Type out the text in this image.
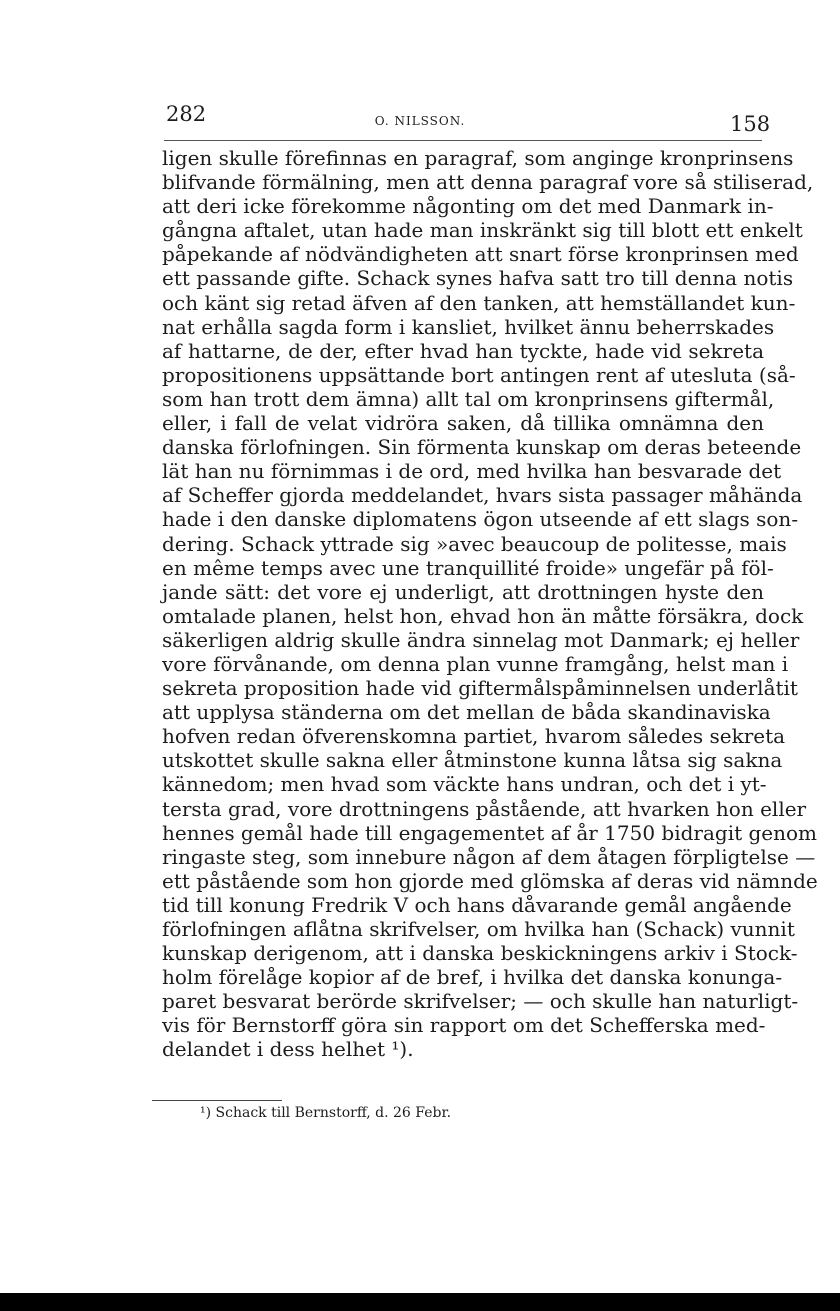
282	O. NILSSON.	158
ligen skulle förefinnas en paragraf, som anginge kronprinsens
blifvande förmälning, men att denna paragraf vore så stiliserad,
att deri icke förekomme någonting om det med Danmark in-
gångna aftalet, utan hade man inskränkt sig till blott ett enkelt
påpekande af nödvändigheten att snart förse kronprinsen med
ett passande gifte. Schack synes hafva satt tro till denna notis
och känt sig retad äfven af den tanken, att hemställandet kun-
nat erhålla sagda form i kansliet, hvilket ännu beherrskades
af hattarne, de der, efter hvad han tyckte, hade vid sekreta
propositionens uppsättande bort antingen rent af utesluta (så-
som han trott dem ämna) allt tal om kronprinsens giftermål,
eller, i fall de velat vidröra saken, då tillika omnämna den
danska förlofningen. Sin förmenta kunskap om deras beteende
lät han nu förnimmas i de ord, med hvilka han besvarade det
af Scheffer gjorda meddelandet, hvars sista passager måhända
hade i den danske diplomatens ögon utseende af ett slags son-
dering. Schack yttrade sig »avec beaucoup de politesse, mais
en même temps avec une tranquillité froide» ungefär på föl-
jande sätt: det vore ej underligt, att drottningen hyste den
omtalade planen, helst hon, ehvad hon än måtte försäkra, dock
säkerligen aldrig skulle ändra sinnelag mot Danmark; ej heller
vore förvånande, om denna plan vunne framgång, helst man i
sekreta proposition hade vid giftermålspåminnelsen underlåtit
att upplysa ständerna om det mellan de båda skandinaviska
hofven redan öfverenskomna partiet, hvarom således sekreta
utskottet skulle sakna eller åtminstone kunna låtsa sig sakna
kännedom; men hvad som väckte hans undran, och det i yt-
tersta grad, vore drottningens påstående, att hvarken hon eller
hennes gemål hade till engagementet af år 1750 bidragit genom
ringaste steg, som innebure någon af dem åtagen förpligtelse —
ett påstående som hon gjorde med glömska af deras vid nämnde
tid till konung Fredrik V och hans dåvarande gemål angående
förlofningen aflåtna skrifvelser, om hvilka han (Schack) vunnit
kunskap derigenom, att i danska beskickningens arkiv i Stock-
holm förelåge kopior af de bref, i hvilka det danska konunga-
paret besvarat berörde skrifvelser; — och skulle han naturligt-
vis för Bernstorff göra sin rapport om det Schefferska med-
delandet i dess helhet ¹).
¹) Schack till Bernstorff, d. 26 Febr.
